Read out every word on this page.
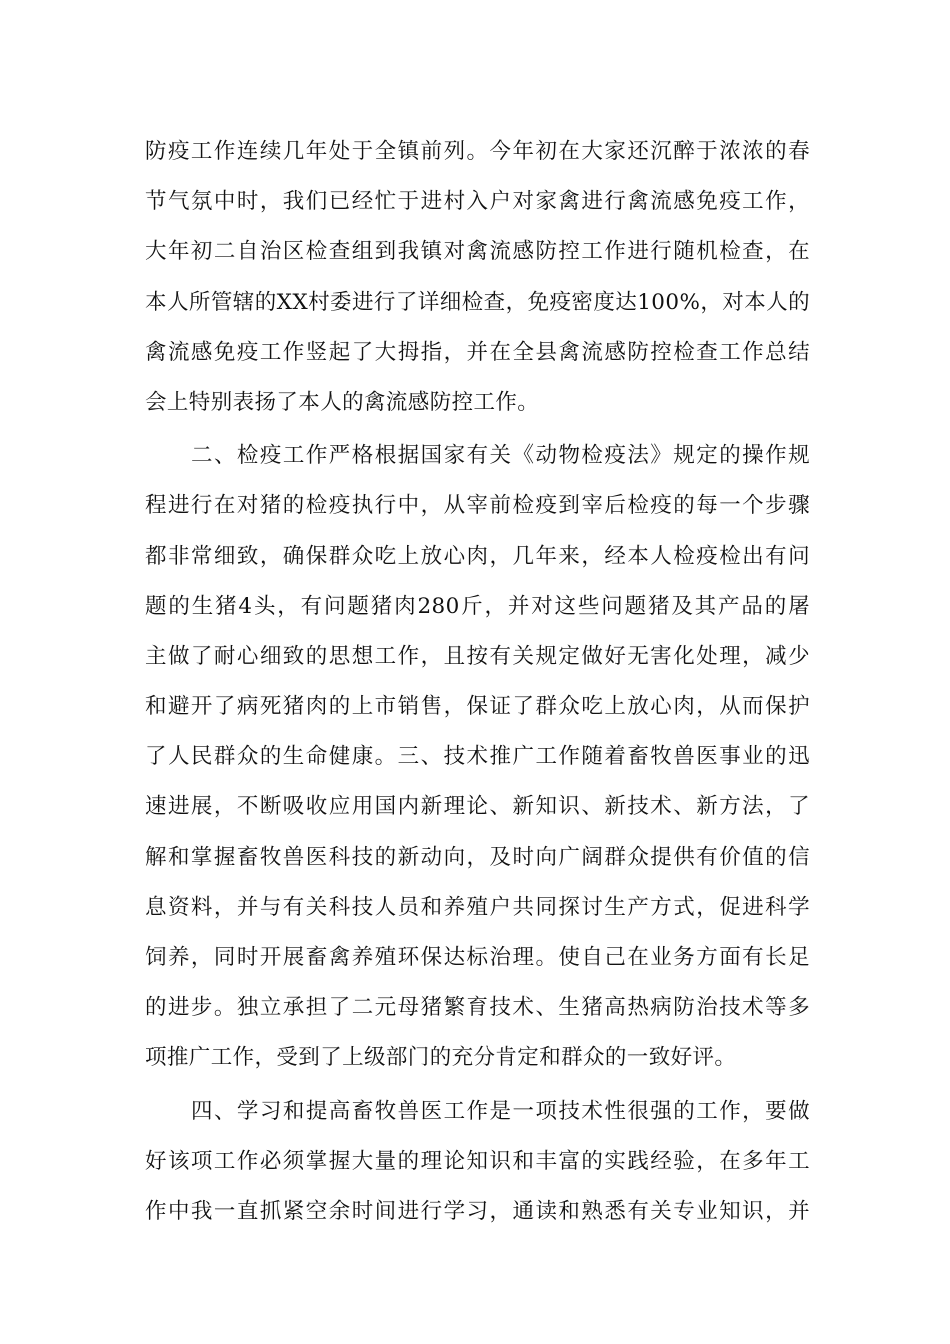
防疫工作连续几年处于全镇前列。今年初在大家还沉醉于浓浓的春
节气氛中时，我们已经忙于进村入户对家禽进行禽流感免疫工作，
大年初二自治区检查组到我镇对禽流感防控工作进行随机检查，在
本人所管辖的XX村委进行了详细检查，免疫密度达100%，对本人的
禽流感免疫工作竖起了大拇指，并在全县禽流感防控检查工作总结
会上特别表扬了本人的禽流感防控工作。
二、检疫工作严格根据国家有关《动物检疫法》规定的操作规
程进行在对猪的检疫执行中，从宰前检疫到宰后检疫的每一个步骤
都非常细致，确保群众吃上放心肉，几年来，经本人检疫检出有问
题的生猪4头，有问题猪肉280斤，并对这些问题猪及其产品的屠
主做了耐心细致的思想工作，且按有关规定做好无害化处理，减少
和避开了病死猪肉的上市销售，保证了群众吃上放心肉，从而保护
了人民群众的生命健康。三、技术推广工作随着畜牧兽医事业的迅
速进展，不断吸收应用国内新理论、新知识、新技术、新方法，了
解和掌握畜牧兽医科技的新动向，及时向广阔群众提供有价值的信
息资料，并与有关科技人员和养殖户共同探讨生产方式，促进科学
饲养，同时开展畜禽养殖环保达标治理。使自己在业务方面有长足
的进步。独立承担了二元母猪繁育技术、生猪高热病防治技术等多
项推广工作，受到了上级部门的充分肯定和群众的一致好评。
四、学习和提高畜牧兽医工作是一项技术性很强的工作，要做
好该项工作必须掌握大量的理论知识和丰富的实践经验，在多年工
作中我一直抓紧空余时间进行学习，通读和熟悉有关专业知识，并
